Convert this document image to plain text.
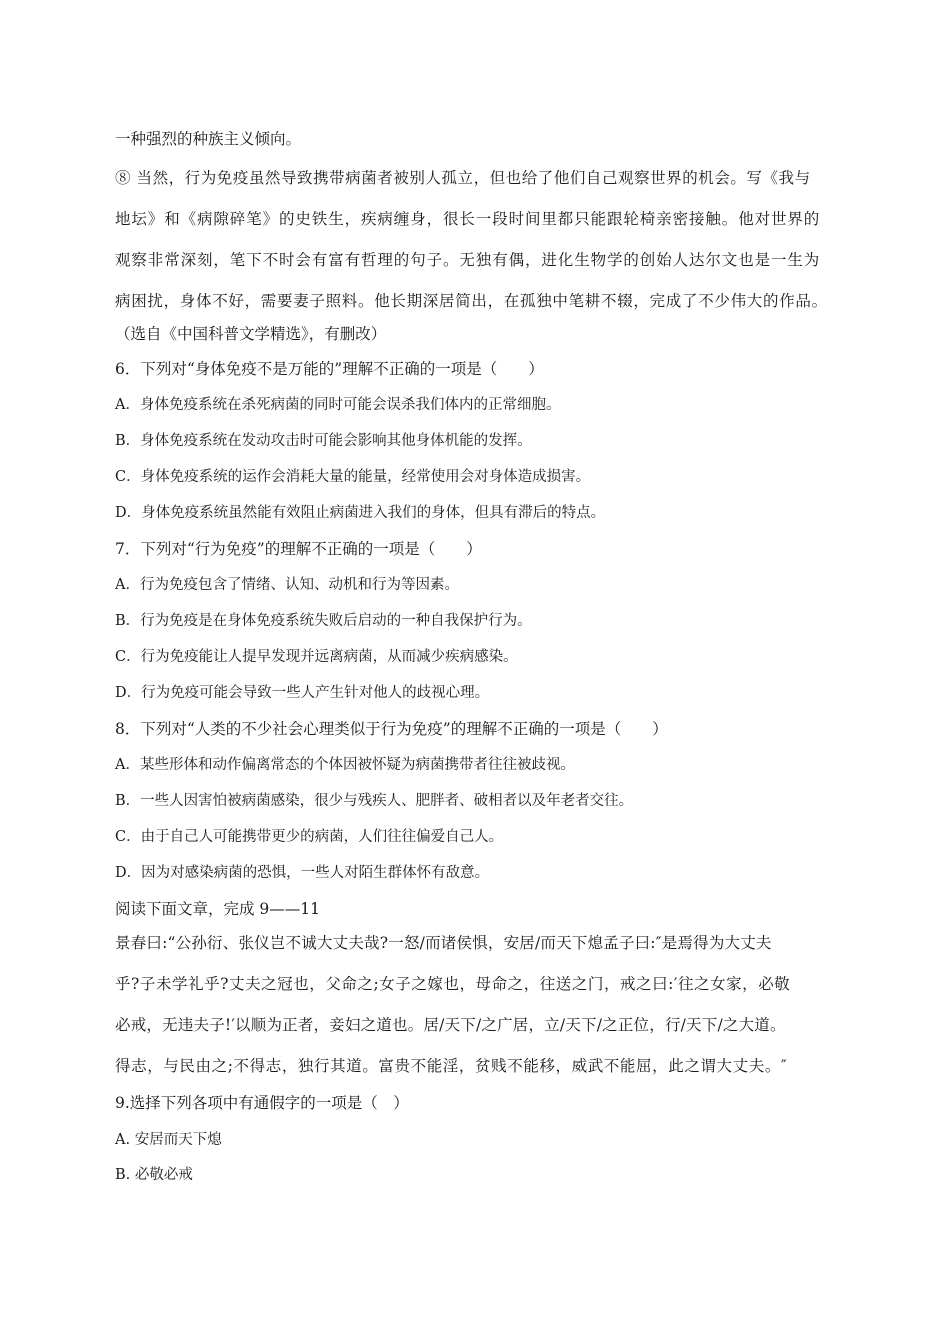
一种强烈的种族主义倾向。
⑧ 当然，行为免疫虽然导致携带病菌者被别人孤立，但也给了他们自己观察世界的机会。写《我与
地坛》和《病隙碎笔》的史铁生，疾病缠身，很长一段时间里都只能跟轮椅亲密接触。他对世界的
观察非常深刻，笔下不时会有富有哲理的句子。无独有偶，进化生物学的创始人达尔文也是一生为
病困扰，身体不好，需要妻子照料。他长期深居简出，在孤独中笔耕不辍，完成了不少伟大的作品。
（选自《中国科普文学精选》，有删改）
6．下列对“身体免疫不是万能的”理解不正确的一项是（　　）
A．身体免疫系统在杀死病菌的同时可能会误杀我们体内的正常细胞。
B．身体免疫系统在发动攻击时可能会影响其他身体机能的发挥。
C．身体免疫系统的运作会消耗大量的能量，经常使用会对身体造成损害。
D．身体免疫系统虽然能有效阻止病菌进入我们的身体，但具有滞后的特点。
7．下列对“行为免疫”的理解不正确的一项是（　　）
A．行为免疫包含了情绪、认知、动机和行为等因素。
B．行为免疫是在身体免疫系统失败后启动的一种自我保护行为。
C．行为免疫能让人提早发现并远离病菌，从而减少疾病感染。
D．行为免疫可能会导致一些人产生针对他人的歧视心理。
8．下列对“人类的不少社会心理类似于行为免疫”的理解不正确的一项是（　　）
A．某些形体和动作偏离常态的个体因被怀疑为病菌携带者往往被歧视。
B．一些人因害怕被病菌感染，很少与残疾人、肥胖者、破相者以及年老者交往。
C．由于自己人可能携带更少的病菌，人们往往偏爱自己人。
D．因为对感染病菌的恐惧，一些人对陌生群体怀有敌意。
阅读下面文章，完成 9——11
景春曰:“公孙衍、张仪岂不诚大丈夫哉?一怒/而诸侯惧，安居/而天下熄孟子曰:″是焉得为大丈夫
乎?子未学礼乎?丈夫之冠也，父命之;女子之嫁也，母命之，往送之门，戒之曰:′往之女家，必敬
必戒，无违夫子!′以顺为正者，妾妇之道也。居/天下/之广居，立/天下/之正位，行/天下/之大道。
得志，与民由之;不得志，独行其道。富贵不能淫，贫贱不能移，威武不能屈，此之谓大丈夫。″
9.选择下列各项中有通假字的一项是（　）
A. 安居而天下熄
B. 必敬必戒
